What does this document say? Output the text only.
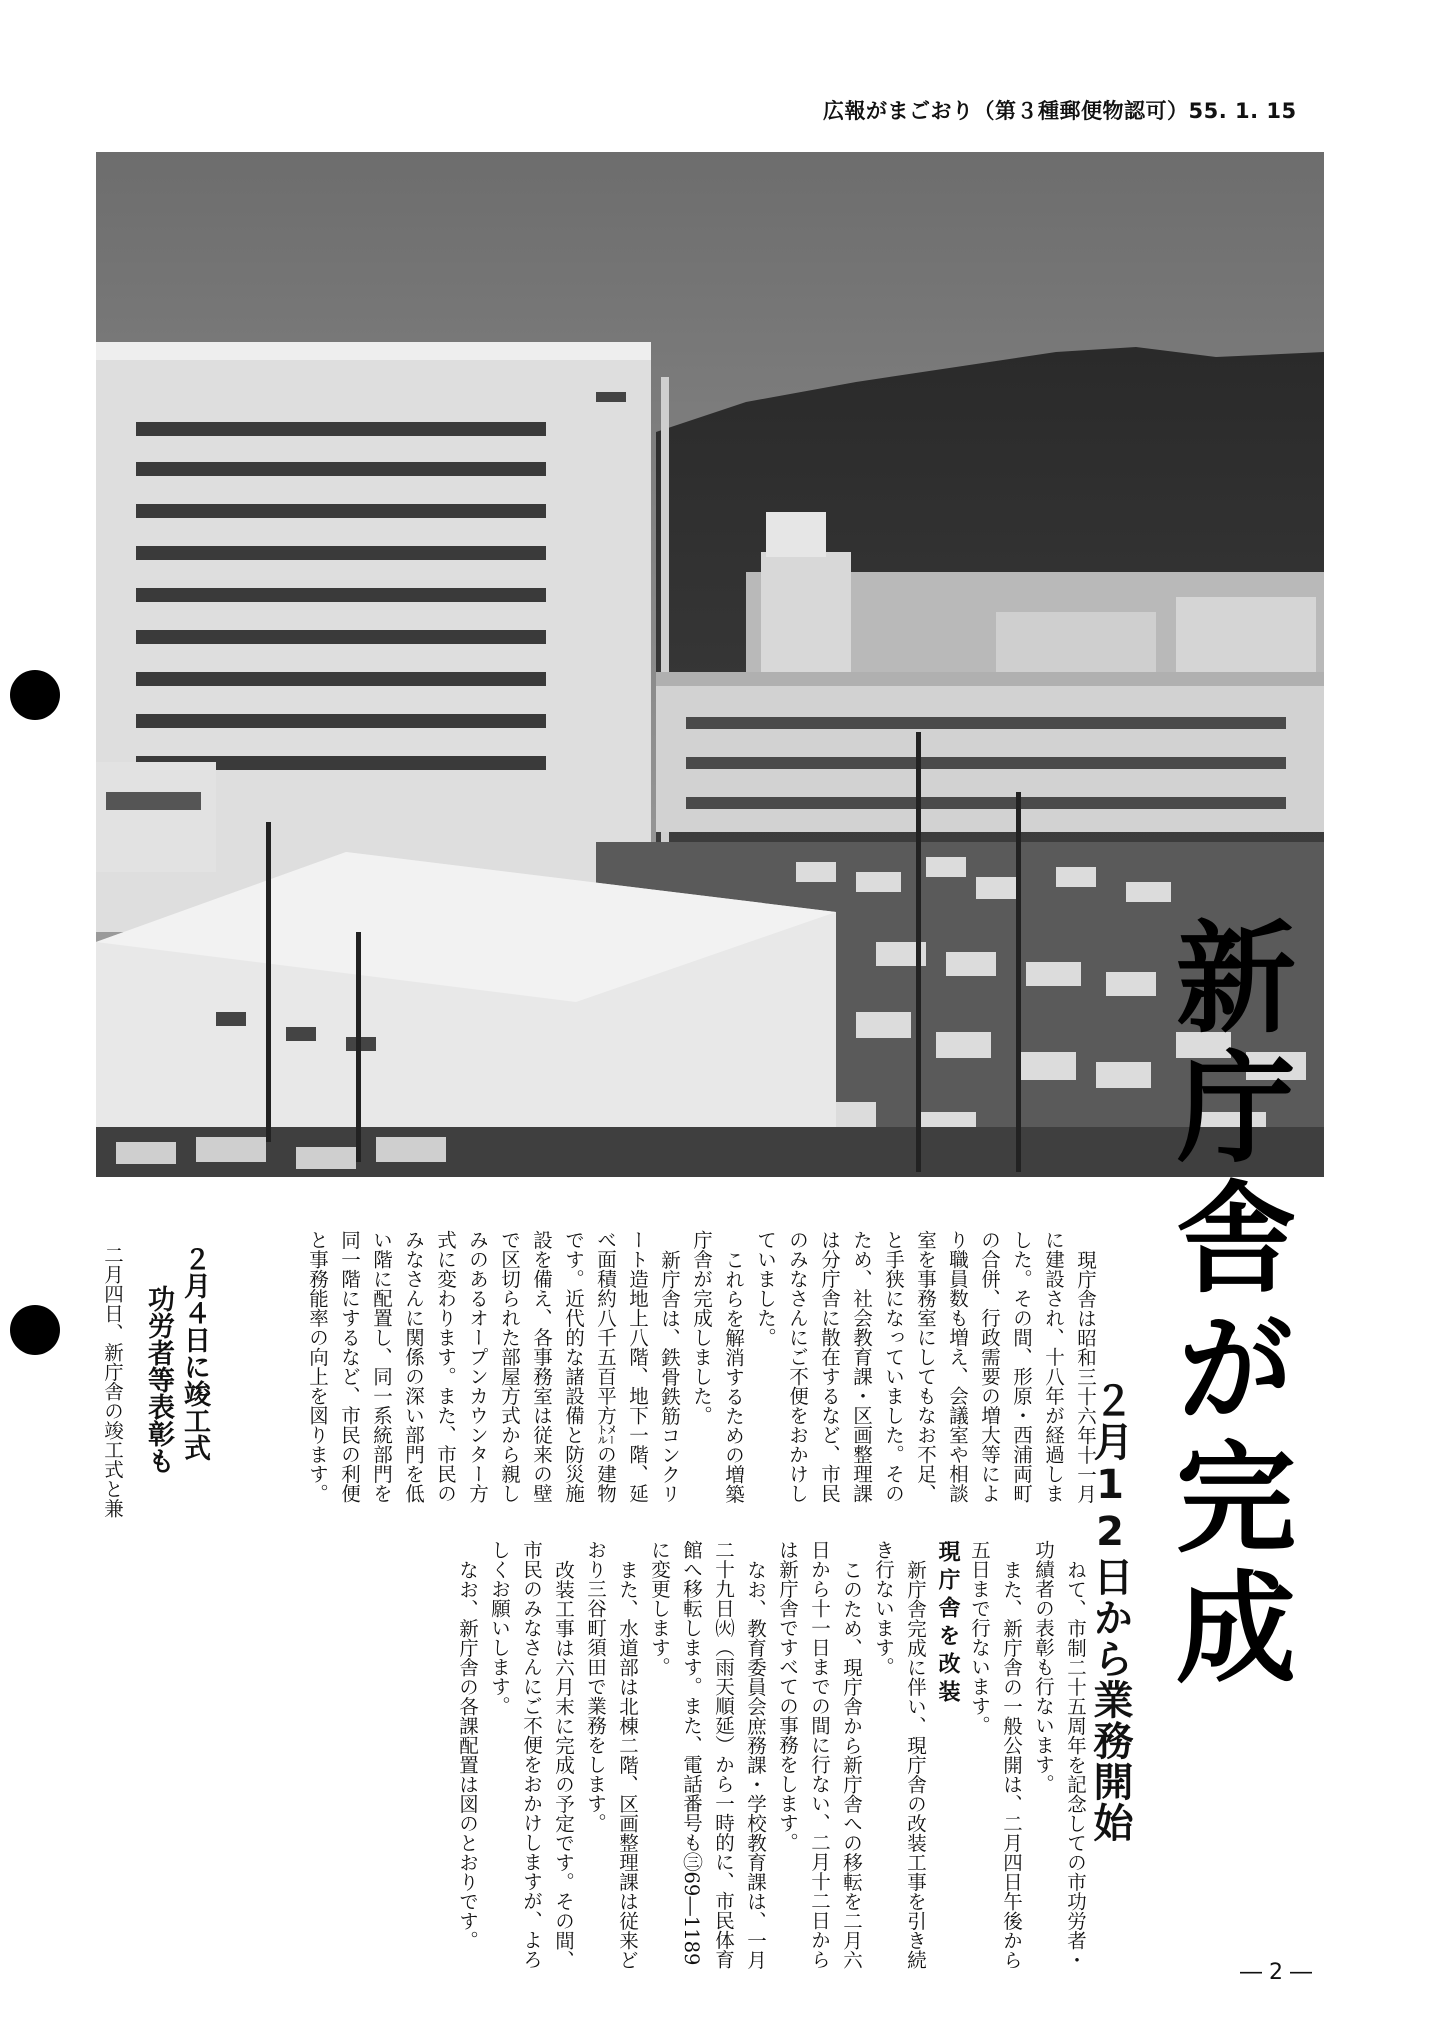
広報がまごおり（第３種郵便物認可）55. 1. 15
新庁舎が完成
２月12日から業務開始

現庁舎は昭和三十六年十一月に建設され、十八年が経過しました。その間、形原・西浦両町の合併、行政需要の増大等により職員数も増え、会議室や相談室を事務室にしてもなお不足、と手狭になっていました。そのため、社会教育課・区画整理課は分庁舎に散在するなど、市民のみなさんにご不便をおかけしていました。

これらを解消するための増築庁舎が完成しました。

新庁舎は、鉄骨鉄筋コンクリート造地上八階、地下一階、延べ面積約八千五百平方㍍の建物です。近代的な諸設備と防災施設を備え、各事務室は従来の壁で区切られた部屋方式から親しみのあるオープンカウンター方式に変わります。また、市民のみなさんに関係の深い部門を低い階に配置し、同一系統部門を同一階にするなど、市民の利便と事務能率の向上を図ります。

ねて、市制二十五周年を記念しての市功労者・功績者の表彰も行ないます。

また、新庁舎の一般公開は、二月四日午後から五日まで行ないます。

現庁舎を改装

新庁舎完成に伴い、現庁舎の改装工事を引き続き行ないます。

このため、現庁舎から新庁舎への移転を二月六日から十一日までの間に行ない、二月十二日からは新庁舎ですべての事務をします。

なお、教育委員会庶務課・学校教育課は、一月二十九日㈫（雨天順延）から一時的に、市民体育館へ移転します。また、電話番号も㊂69―1189に変更します。

また、水道部は北棟二階、区画整理課は従来どおり三谷町須田で業務をします。

改装工事は六月末に完成の予定です。その間、市民のみなさんにご不便をおかけしますが、よろしくお願いします。

なお、新庁舎の各課配置は図のとおりです。

２月４日に竣工式
功労者等表彰も
二月四日、新庁舎の竣工式と兼
― 2 ―
